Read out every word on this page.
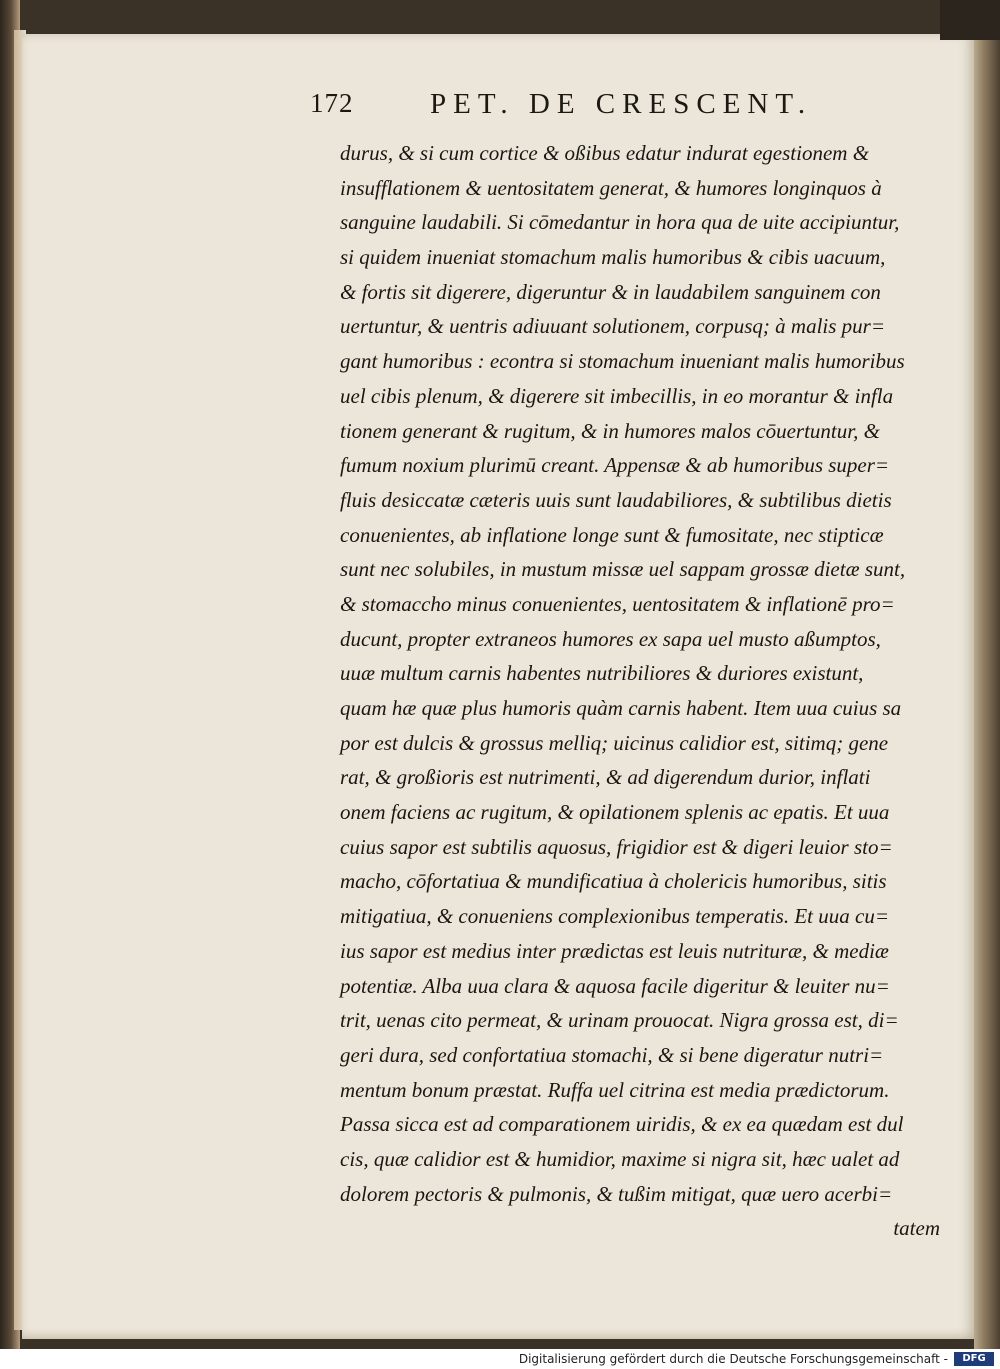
172	PET. DE CRESCENT.
durus, & si cum cortice & oßibus edatur indurat egestionem &
insufflationem & uentositatem generat, & humores longinquos à
sanguine laudabili. Si cōmedantur in hora qua de uite accipiuntur,
si quidem inueniat stomachum malis humoribus & cibis uacuum,
& fortis sit digerere, digeruntur & in laudabilem sanguinem con
uertuntur, & uentris adiuuant solutionem, corpusq; à malis pur=
gant humoribus : econtra si stomachum inueniant malis humoribus
uel cibis plenum, & digerere sit imbecillis, in eo morantur & infla
tionem generant & rugitum, & in humores malos cōuertuntur, &
fumum noxium plurimū creant. Appensæ & ab humoribus super=
fluis desiccatæ cæteris uuis sunt laudabiliores, & subtilibus dietis
conuenientes, ab inflatione longe sunt & fumositate, nec stipticæ
sunt nec solubiles, in mustum missæ uel sappam grossæ dietæ sunt,
& stomaccho minus conuenientes, uentositatem & inflationē pro=
ducunt, propter extraneos humores ex sapa uel musto aßumptos,
uuæ multum carnis habentes nutribiliores & duriores existunt,
quam hæ quæ plus humoris quàm carnis habent. Item uua cuius sa
por est dulcis & grossus melliq; uicinus calidior est, sitimq; gene
rat, & großioris est nutrimenti, & ad digerendum durior, inflati
onem faciens ac rugitum, & opilationem splenis ac epatis. Et uua
cuius sapor est subtilis aquosus, frigidior est & digeri leuior sto=
macho, cōfortatiua & mundificatiua à cholericis humoribus, sitis
mitigatiua, & conueniens complexionibus temperatis. Et uua cu=
ius sapor est medius inter prædictas est leuis nutrituræ, & mediæ
potentiæ. Alba uua clara & aquosa facile digeritur & leuiter nu=
trit, uenas cito permeat, & urinam prouocat. Nigra grossa est, di=
geri dura, sed confortatiua stomachi, & si bene digeratur nutri=
mentum bonum præstat. Ruffa uel citrina est media prædictorum.
Passa sicca est ad comparationem uiridis, & ex ea quædam est dul
cis, quæ calidior est & humidior, maxime si nigra sit, hæc ualet ad
dolorem pectoris & pulmonis, & tußim mitigat, quæ uero acerbi=
tatem
Digitalisierung gefördert durch die Deutsche Forschungsgemeinschaft -	DFG
